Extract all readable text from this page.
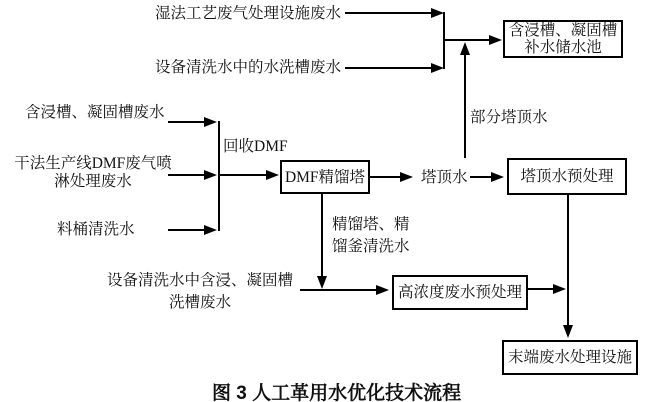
湿法工艺废气处理设施废水
设备清洗水中的水洗槽废水
含浸槽、凝固槽废水
干法生产线DMF废气喷
淋处理废水
料桶清洗水
设备清洗水中含浸、凝固槽
洗槽废水
回收DMF
塔顶水
部分塔顶水
精馏塔、精
馏釜清洗水
含浸槽、凝固槽
补水储水池
DMF精馏塔	塔顶水预处理
高浓度废水预处理
末端废水处理设施
图 3 人工革用水优化技术流程
